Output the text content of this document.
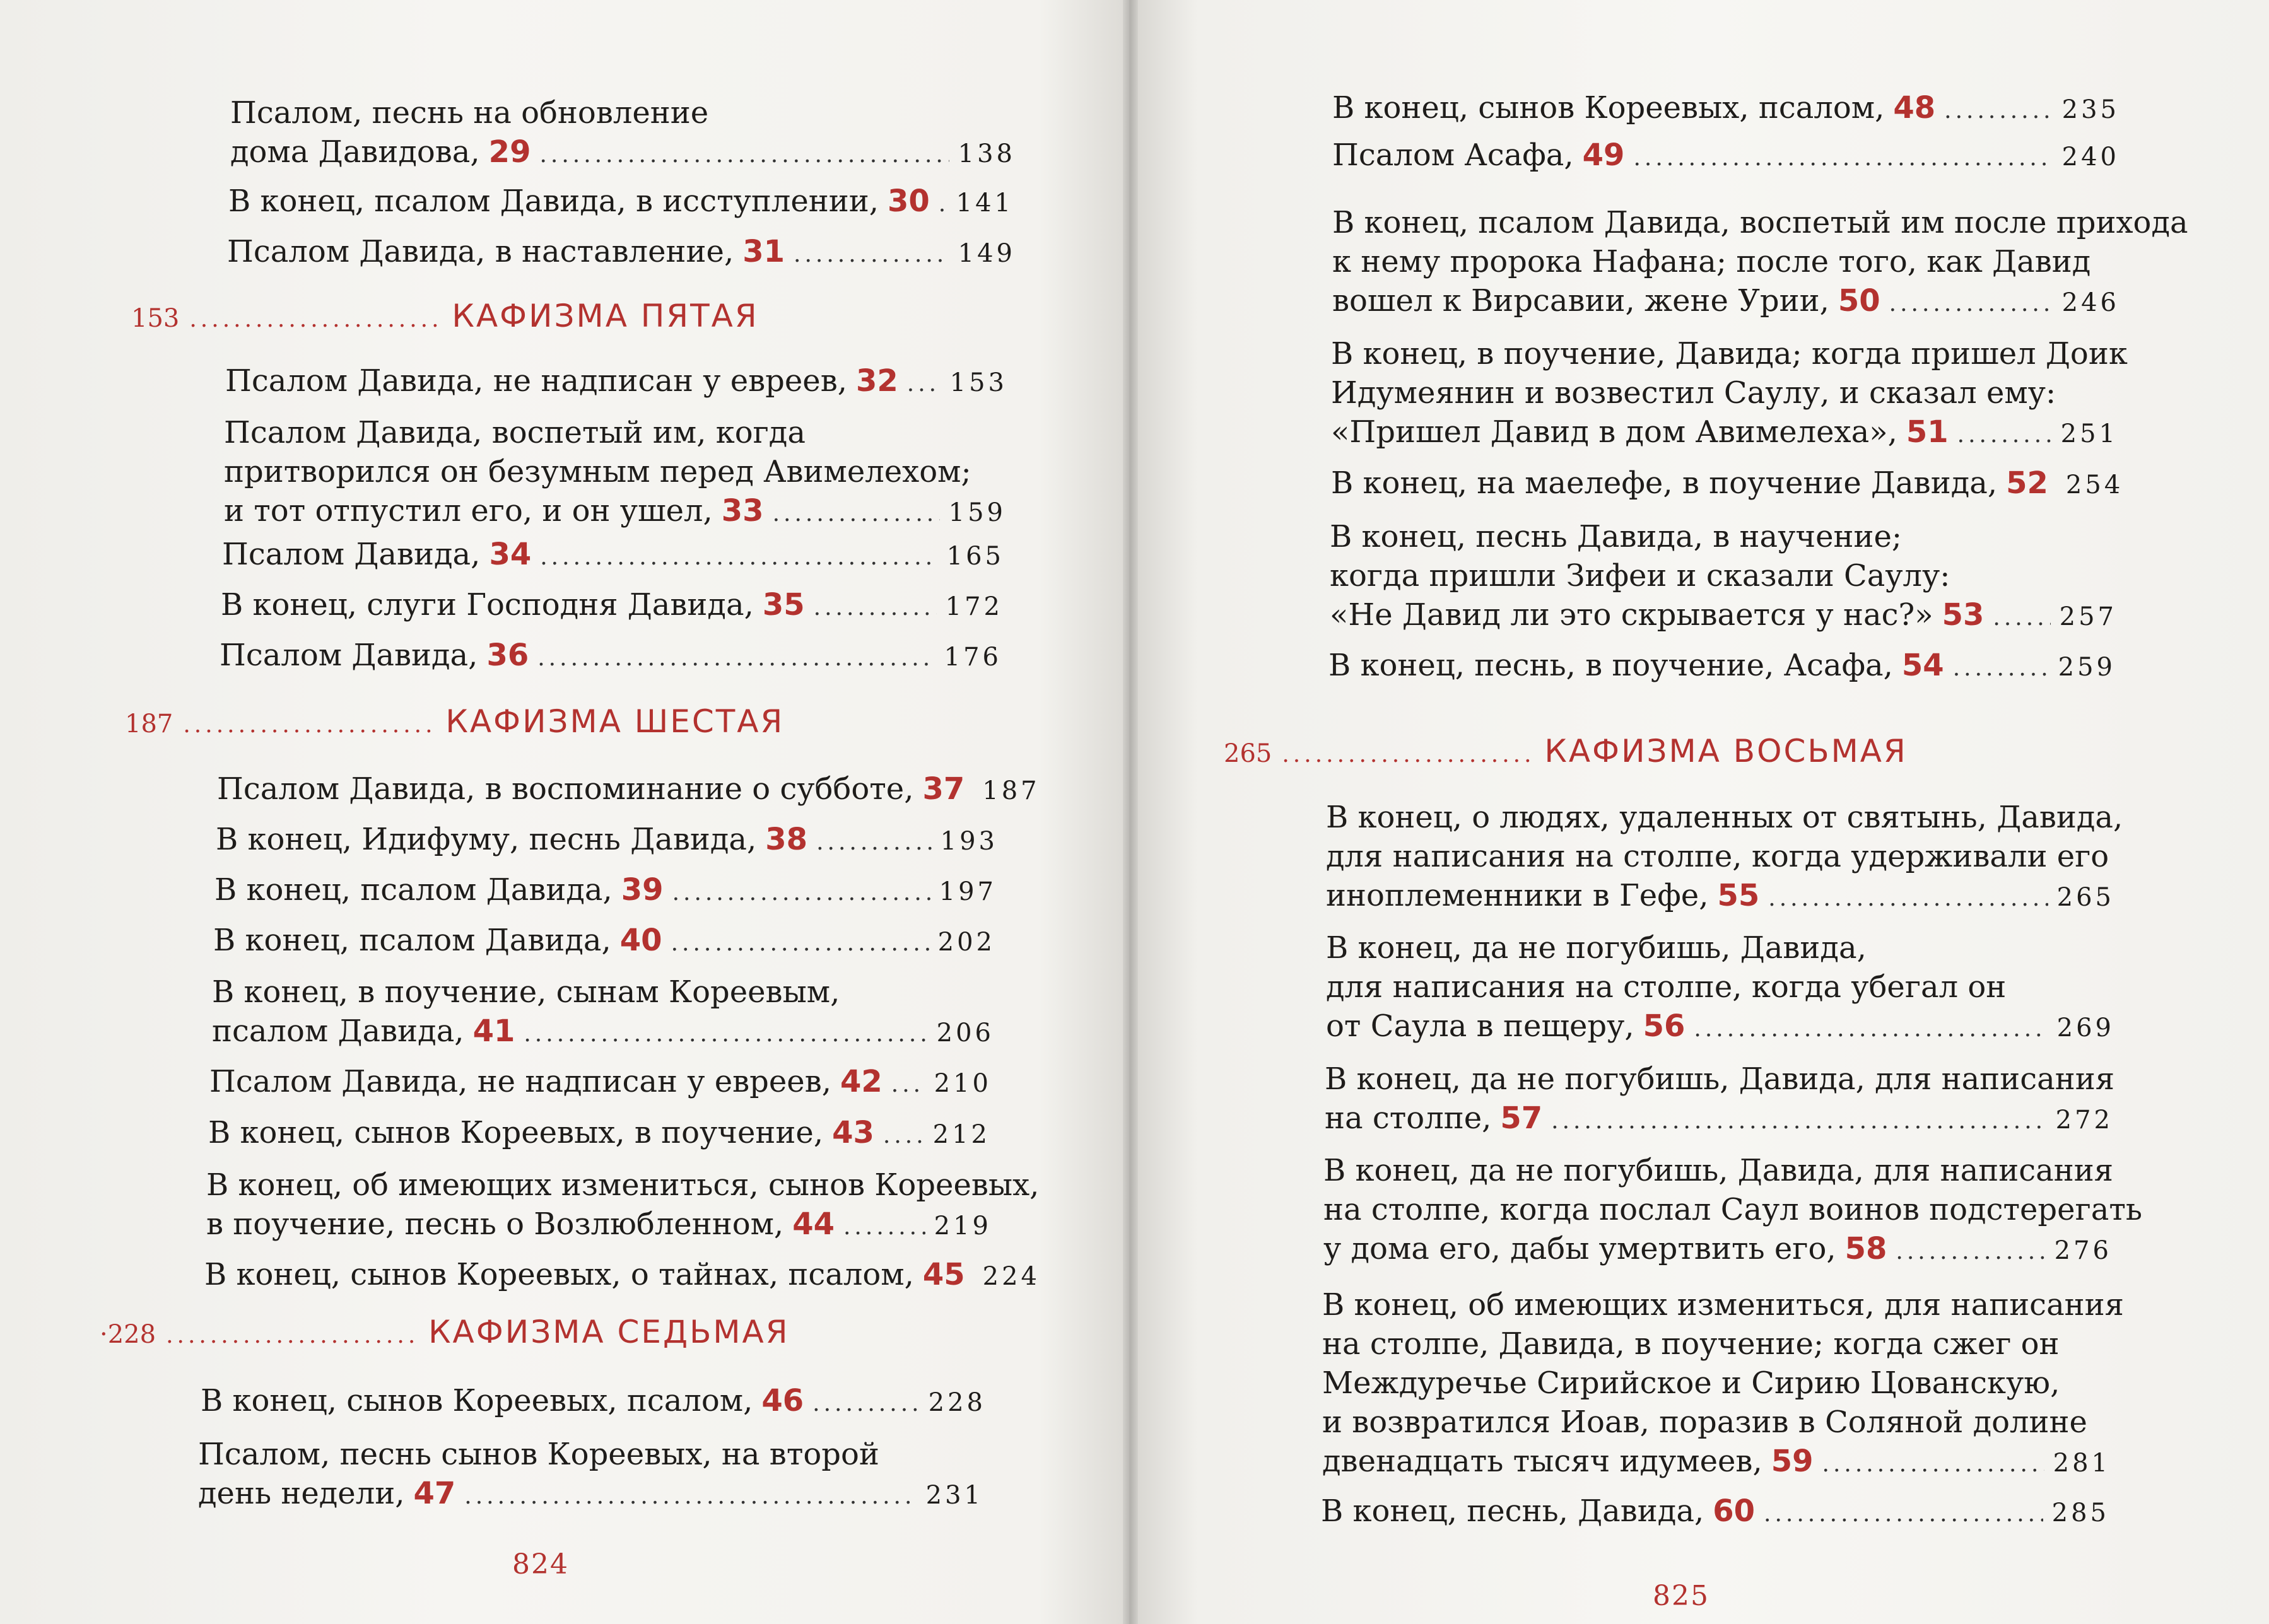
Псалом, песнь на обновление
дома Давидова, 29 .....	138
В конец, псалом Давида, в исступлении, 30 ..... 141
Псалом Давида, в наставление, 31 .....	149
153 .....	КАФИЗМА ПЯТАЯ
Псалом Давида, не надписан у евреев, 32 ..... 153
Псалом Давида, воспетый им, когда
притворился он безумным перед Авимелехом;
и тот отпустил его, и он ушел, 33 .....	159
Псалом Давида, 34 .....	165
В конец, слуги Господня Давида, 35 .....	172
Псалом Давида, 36 .....	176
187 .....	КАФИЗМА ШЕСТАЯ
Псалом Давида, в воспоминание о субботе, 37 187
В конец, Идифуму, песнь Давида, 38 .....	193
В конец, псалом Давида, 39 .....	197
В конец, псалом Давида, 40 .....	202
В конец, в поучение, сынам Кореевым,
псалом Давида, 41 .....	206
Псалом Давида, не надписан у евреев, 42 ..... 210
В конец, сынов Кореевых, в поучение, 43 ..... 212
В конец, об имеющих измениться, сынов Кореевых,
в поучение, песнь о Возлюбленном, 44 .....	219
В конец, сынов Кореевых, о тайнах, псалом, 45 224
·228 .....	КАФИЗМА СЕДЬМАЯ
В конец, сынов Кореевых, псалом, 46 .....	228
Псалом, песнь сынов Кореевых, на второй
день недели, 47 .....	231
824
В конец, сынов Кореевых, псалом, 48 .....	235
Псалом Асафа, 49 .....	240
В конец, псалом Давида, воспетый им после прихода
к нему пророка Нафана; после того, как Давид
вошел к Вирсавии, жене Урии, 50 .....	246
В конец, в поучение, Давида; когда пришел Доик
Идумеянин и возвестил Саулу, и сказал ему:
«Пришел Давид в дом Авимелеха», 51 .....	251
В конец, на маелефе, в поучение Давида, 52 254
В конец, песнь Давида, в научение;
когда пришли Зифеи и сказали Саулу:
«Не Давид ли это скрывается у нас?» 53 .....	257
В конец, песнь, в поучение, Асафа, 54 .....	259
265 .....	КАФИЗМА ВОСЬМАЯ
В конец, о людях, удаленных от святынь, Давида,
для написания на столпе, когда удерживали его
иноплеменники в Гефе, 55 .....	265
В конец, да не погубишь, Давида,
для написания на столпе, когда убегал он
от Саула в пещеру, 56 .....	269
В конец, да не погубишь, Давида, для написания
на столпе, 57 .....	272
В конец, да не погубишь, Давида, для написания
на столпе, когда послал Саул воинов подстерегать
у дома его, дабы умертвить его, 58 .....	276
В конец, об имеющих измениться, для написания
на столпе, Давида, в поучение; когда сжег он
Междуречье Сирийское и Сирию Цованскую,
и возвратился Иоав, поразив в Соляной долине
двенадцать тысяч идумеев, 59 .....	281
В конец, песнь, Давида, 60 .....	285
825
